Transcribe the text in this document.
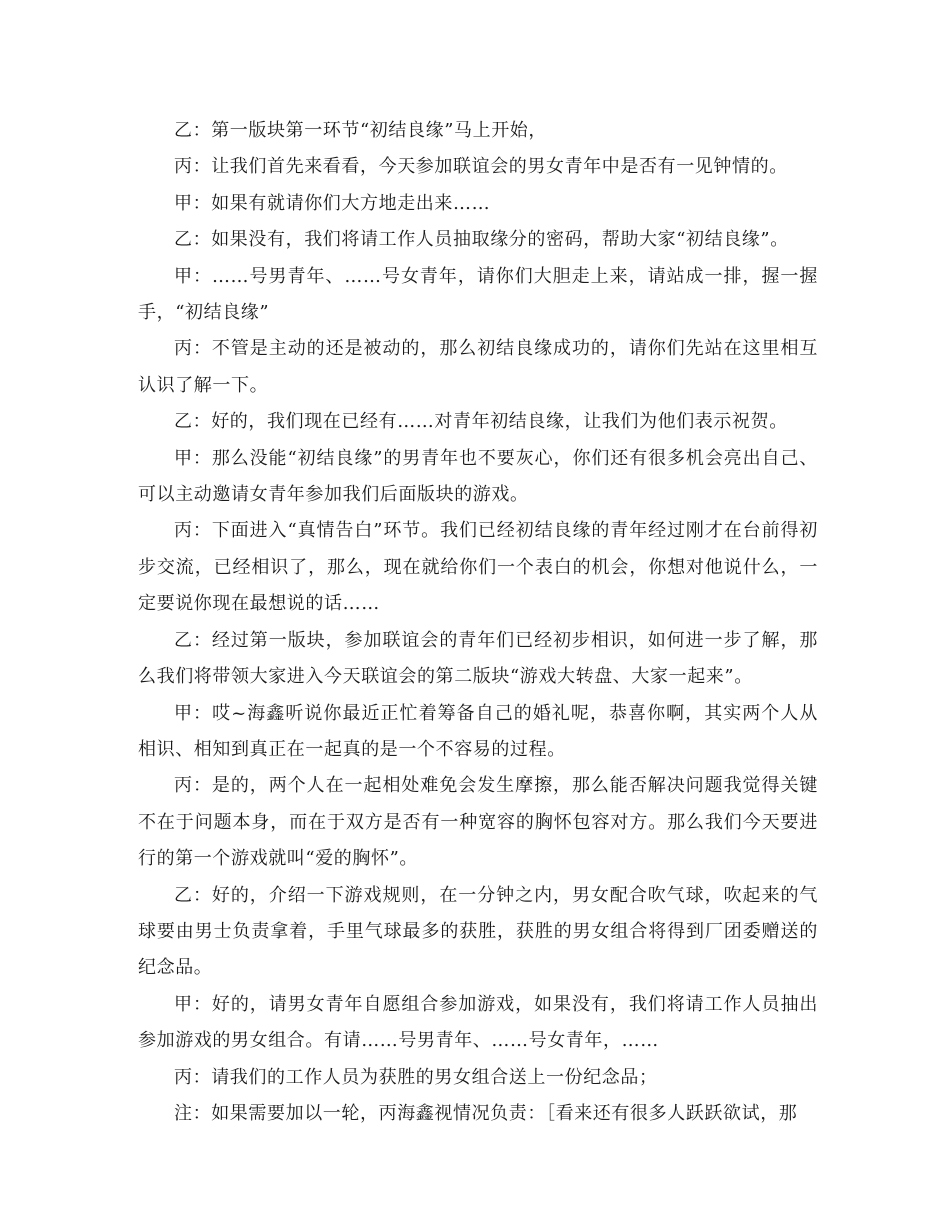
乙：第一版块第一环节“初结良缘”马上开始，

丙：让我们首先来看看，今天参加联谊会的男女青年中是否有一见钟情的。

甲：如果有就请你们大方地走出来……

乙：如果没有，我们将请工作人员抽取缘分的密码，帮助大家“初结良缘”。

甲：……号男青年、……号女青年，请你们大胆走上来，请站成一排，握一握手，“初结良缘”

丙：不管是主动的还是被动的，那么初结良缘成功的，请你们先站在这里相互认识了解一下。

乙：好的，我们现在已经有……对青年初结良缘，让我们为他们表示祝贺。

甲：那么没能“初结良缘”的男青年也不要灰心，你们还有很多机会亮出自己、可以主动邀请女青年参加我们后面版块的游戏。

丙：下面进入“真情告白”环节。我们已经初结良缘的青年经过刚才在台前得初步交流，已经相识了，那么，现在就给你们一个表白的机会，你想对他说什么，一定要说你现在最想说的话……

乙：经过第一版块，参加联谊会的青年们已经初步相识，如何进一步了解，那么我们将带领大家进入今天联谊会的第二版块“游戏大转盘、大家一起来”。

甲：哎~海鑫听说你最近正忙着筹备自己的婚礼呢，恭喜你啊，其实两个人从相识、相知到真正在一起真的是一个不容易的过程。

丙：是的，两个人在一起相处难免会发生摩擦，那么能否解决问题我觉得关键不在于问题本身，而在于双方是否有一种宽容的胸怀包容对方。那么我们今天要进行的第一个游戏就叫“爱的胸怀”。

乙：好的，介绍一下游戏规则，在一分钟之内，男女配合吹气球，吹起来的气球要由男士负责拿着，手里气球最多的获胜，获胜的男女组合将得到厂团委赠送的纪念品。

甲：好的，请男女青年自愿组合参加游戏，如果没有，我们将请工作人员抽出参加游戏的男女组合。有请……号男青年、……号女青年，……

丙：请我们的工作人员为获胜的男女组合送上一份纪念品；

注：如果需要加以一轮，丙海鑫视情况负责：［看来还有很多人跃跃欲试，那
